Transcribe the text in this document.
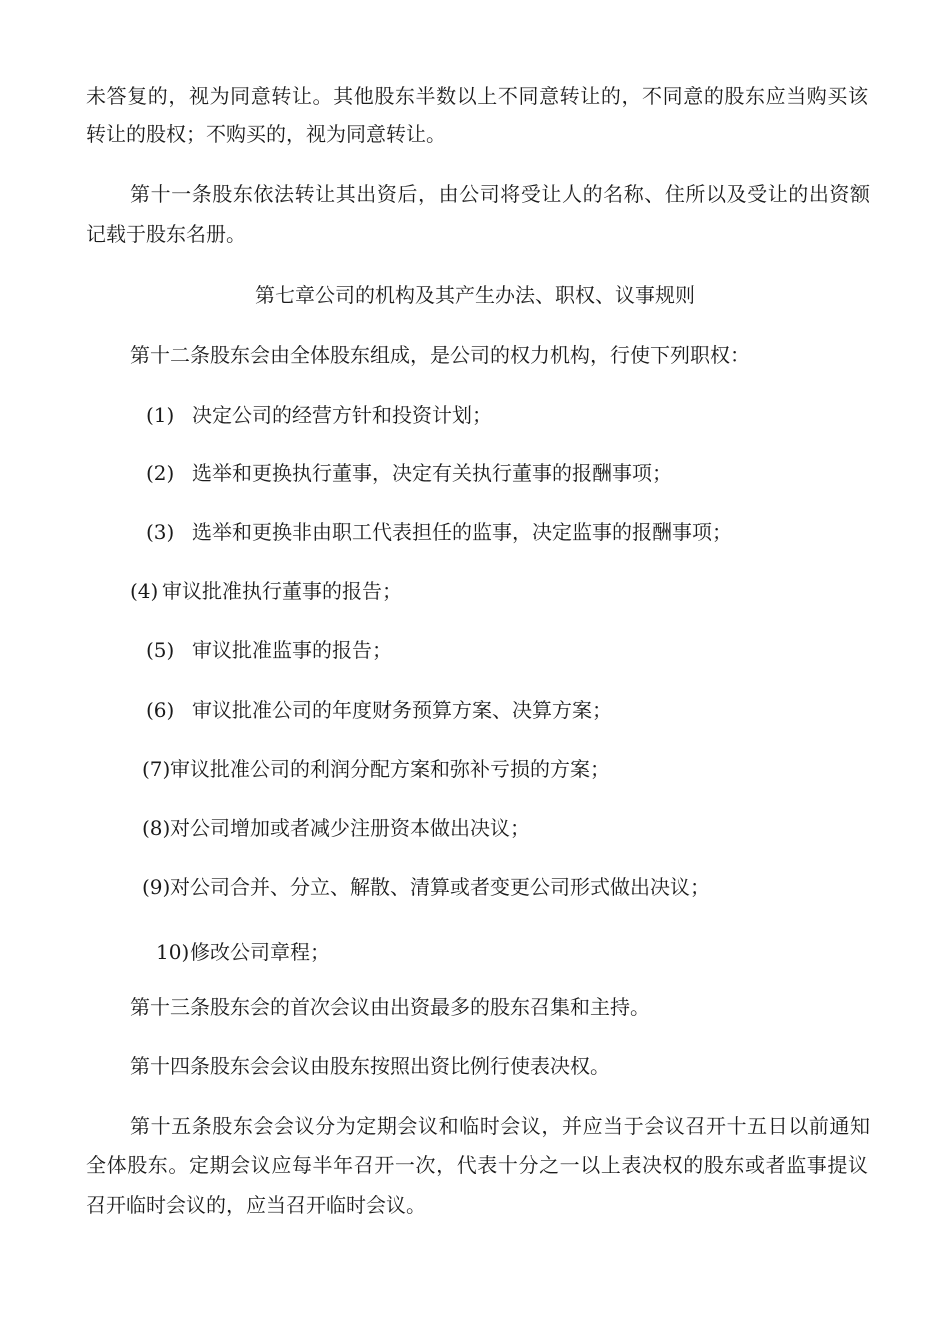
未答复的，视为同意转让。其他股东半数以上不同意转让的，不同意的股东应当购买该
转让的股权；不购买的，视为同意转让。
第十一条股东依法转让其出资后，由公司将受让人的名称、住所以及受让的出资额
记载于股东名册。
第七章公司的机构及其产生办法、职权、议事规则
第十二条股东会由全体股东组成，是公司的权力机构，行使下列职权：
(1) 决定公司的经营方针和投资计划；
(2) 选举和更换执行董事，决定有关执行董事的报酬事项；
(3) 选举和更换非由职工代表担任的监事，决定监事的报酬事项；
(4) 审议批准执行董事的报告；
(5) 审议批准监事的报告；
(6) 审议批准公司的年度财务预算方案、决算方案；
(7) 审议批准公司的利润分配方案和弥补亏损的方案；
(8) 对公司增加或者减少注册资本做出决议；
(9) 对公司合并、分立、解散、清算或者变更公司形式做出决议；
10) 修改公司章程；
第十三条股东会的首次会议由出资最多的股东召集和主持。
第十四条股东会会议由股东按照出资比例行使表决权。
第十五条股东会会议分为定期会议和临时会议，并应当于会议召开十五日以前通知
全体股东。定期会议应每半年召开一次，代表十分之一以上表决权的股东或者监事提议
召开临时会议的，应当召开临时会议。
